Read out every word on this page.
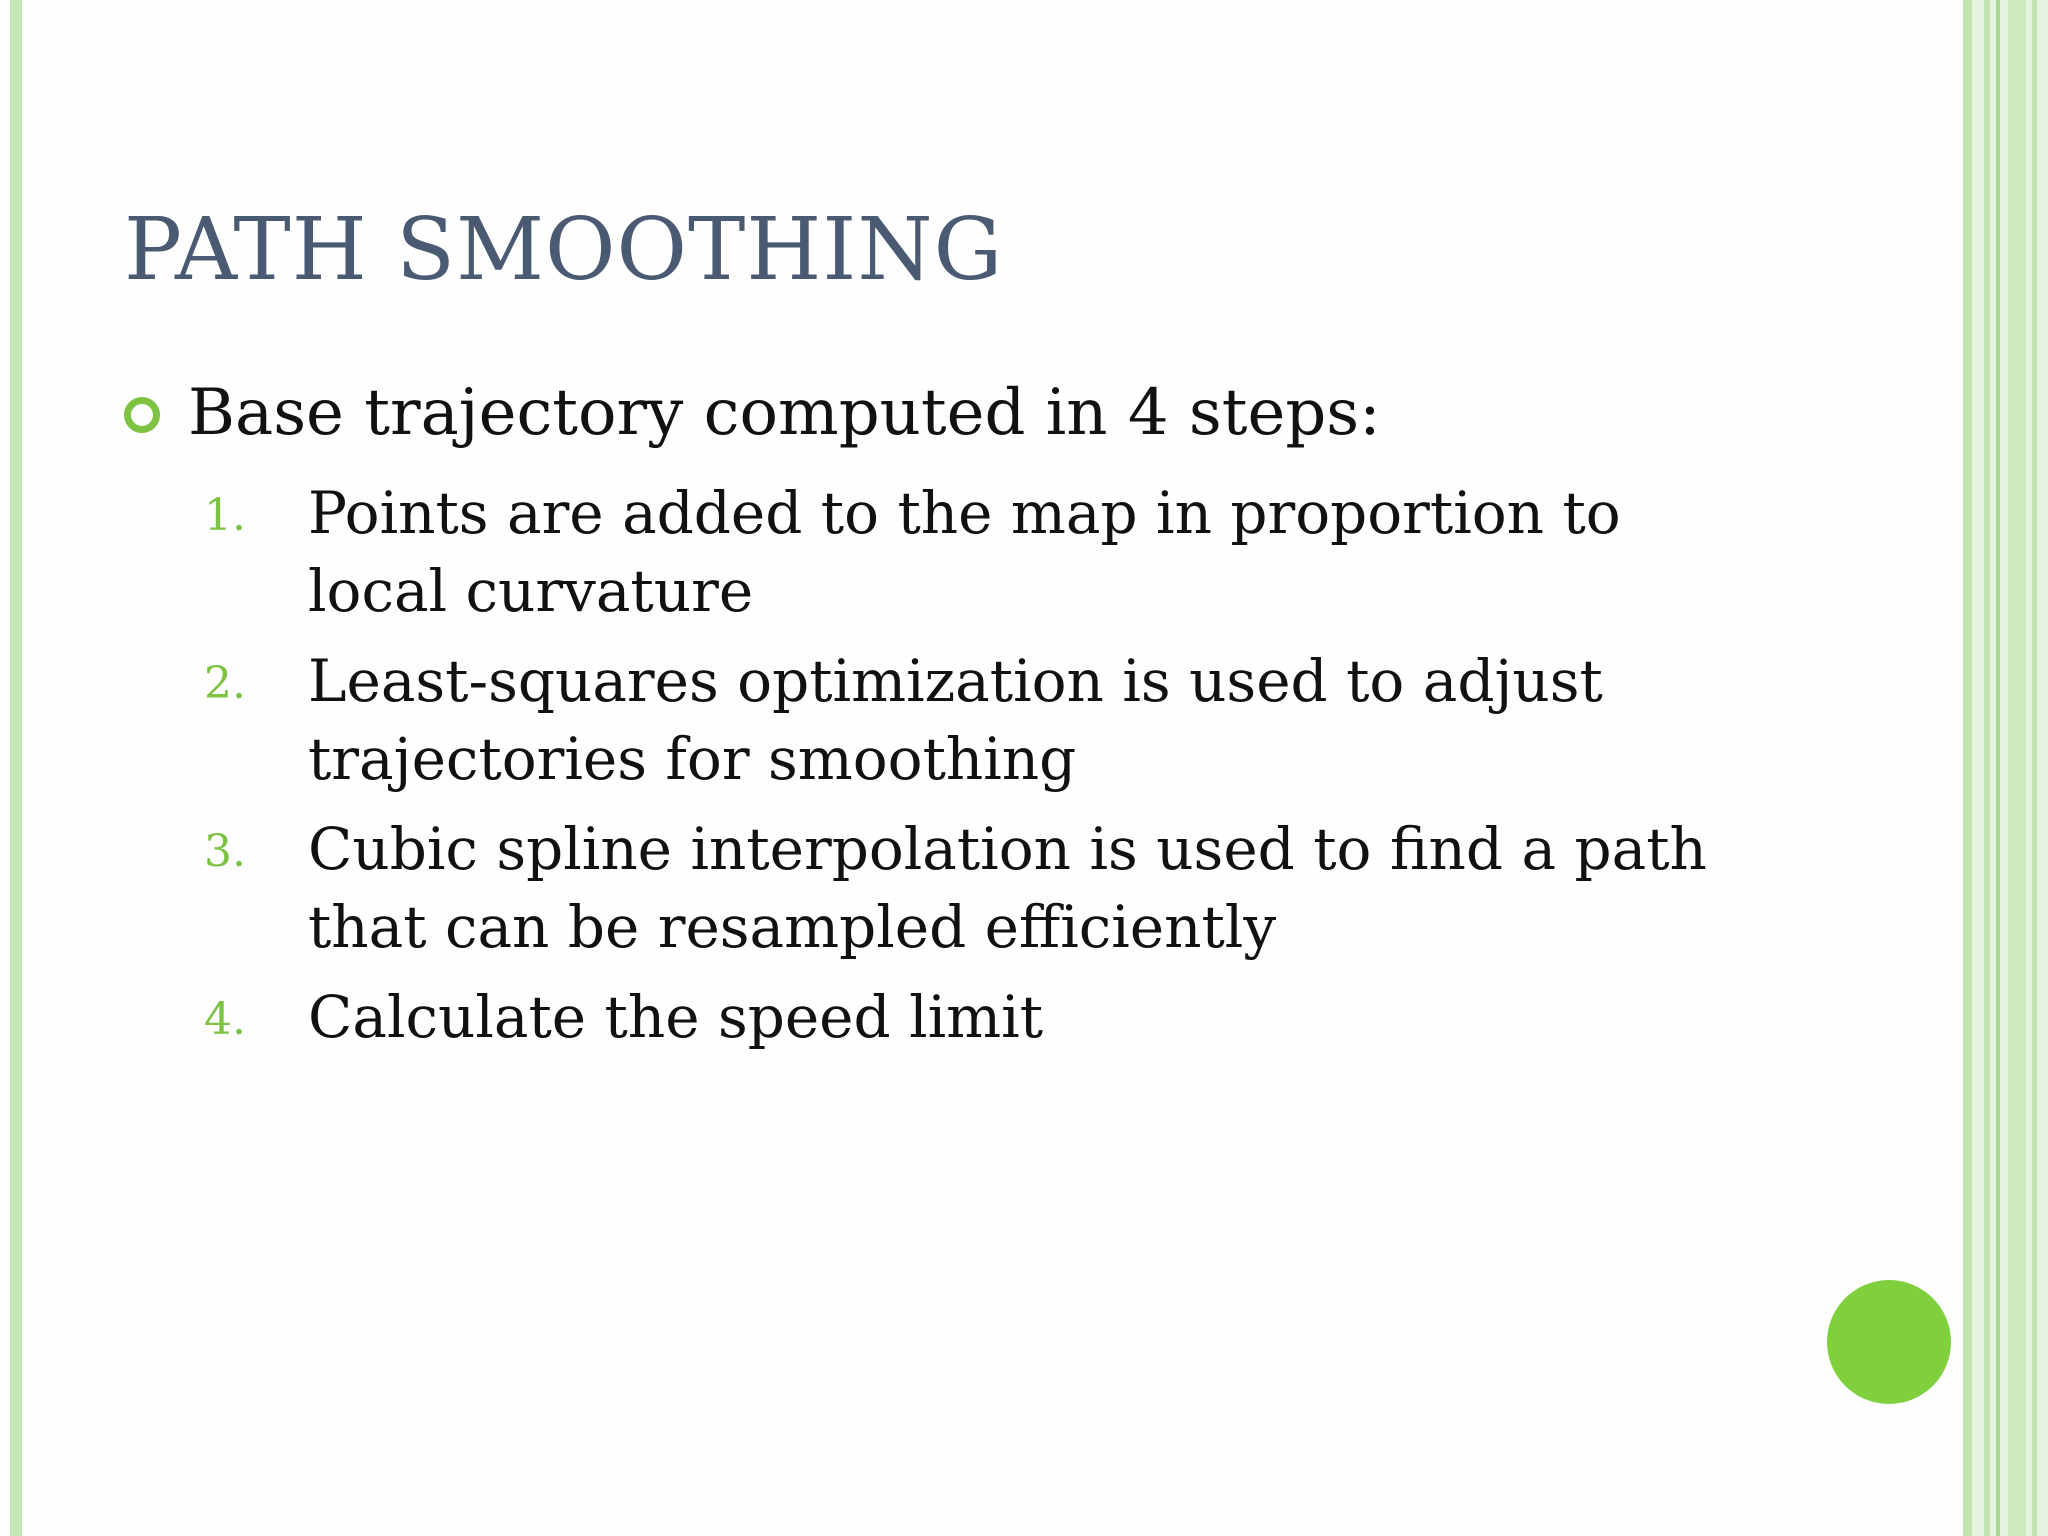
PATH SMOOTHING
Base trajectory computed in 4 steps:
1.	Points are added to the map in proportion to local curvature
2.	Least-squares optimization is used to adjust trajectories for smoothing
3.	Cubic spline interpolation is used to find a path that can be resampled efficiently
4.	Calculate the speed limit
